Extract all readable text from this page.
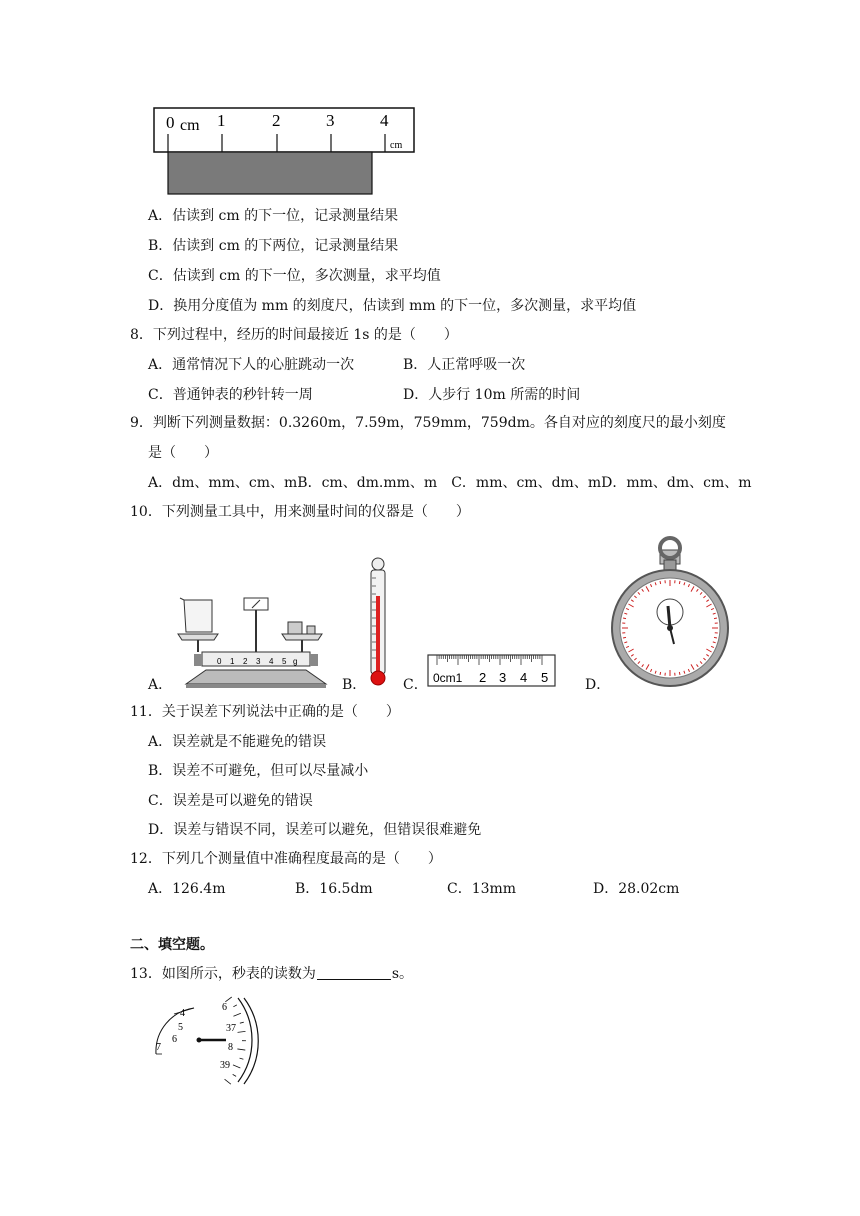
0 cm 1	2	3	4
cm
A．估读到 cm 的下一位，记录测量结果
B．估读到 cm 的下两位，记录测量结果
C．估读到 cm 的下一位，多次测量，求平均值
D．换用分度值为 mm 的刻度尺，估读到 mm 的下一位，多次测量，求平均值
8．下列过程中，经历的时间最接近 1s 的是（　　）
A．通常情况下人的心脏跳动一次	B．人正常呼吸一次
C．普通钟表的秒针转一周	D．人步行 10m 所需的时间
9．判断下列测量数据：0.3260m，7.59m，759mm，759dm。各自对应的刻度尺的最小刻度
是（　　）
A．dm、mm、cm、mB．cm、dm.mm、m　C．mm、cm、dm、mD．mm、dm、cm、m
10．下列测量工具中，用来测量时间的仪器是（　　）
A．	B．	C．	D．
0 1 2 3 4 5 g
0cm1 2 3 4 5
11．关于误差下列说法中正确的是（　　）
A．误差就是不能避免的错误
B．误差不可避免，但可以尽量减小
C．误差是可以避免的错误
D．误差与错误不同，误差可以避免，但错误很难避免
12．下列几个测量值中准确程度最高的是（　　）
A．126.4m	B．16.5dm	C．13mm	D．28.02cm
二、填空题。
13．如图所示，秒表的读数为	s。
4
5
6
7
6
37
8
39
